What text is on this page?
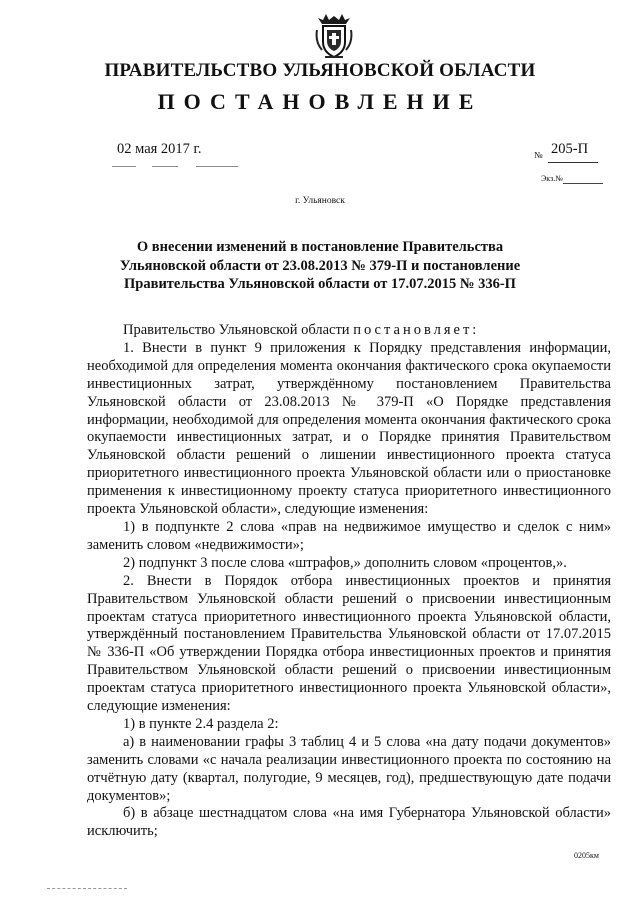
ПРАВИТЕЛЬСТВО УЛЬЯНОВСКОЙ ОБЛАСТИ
ПОСТАНОВЛЕНИЕ
02 мая 2017 г.	№ 205-П
Экз.№
г. Ульяновск
О внесении изменений в постановление Правительства Ульяновской области от 23.08.2013 № 379-П и постановление Правительства Ульяновской области от 17.07.2015 № 336-П

Правительство Ульяновской области постановляет:

1. Внести в пункт 9 приложения к Порядку представления информации, необходимой для определения момента окончания фактического срока окупаемости инвестиционных затрат, утверждённому постановлением Правительства Ульяновской области от 23.08.2013 № 379-П «О Порядке представления информации, необходимой для определения момента окончания фактического срока окупаемости инвестиционных затрат, и о Порядке принятия Правительством Ульяновской области решений о лишении инвестиционного проекта статуса приоритетного инвестиционного проекта Ульяновской области или о приостановке применения к инвестиционному проекту статуса приоритетного инвестиционного проекта Ульяновской области», следующие изменения:

1) в подпункте 2 слова «прав на недвижимое имущество и сделок с ним» заменить словом «недвижимости»;

2) подпункт 3 после слова «штрафов,» дополнить словом «процентов,».

2. Внести в Порядок отбора инвестиционных проектов и принятия Правительством Ульяновской области решений о присвоении инвестиционным проектам статуса приоритетного инвестиционного проекта Ульяновской области, утверждённый постановлением Правительства Ульяновской области от 17.07.2015 № 336-П «Об утверждении Порядка отбора инвестиционных проектов и принятия Правительством Ульяновской области решений о присвоении инвестиционным проектам статуса приоритетного инвестиционного проекта Ульяновской области», следующие изменения:

1) в пункте 2.4 раздела 2:

а) в наименовании графы 3 таблиц 4 и 5 слова «на дату подачи документов» заменить словами «с начала реализации инвестиционного проекта по состоянию на отчётную дату (квартал, полугодие, 9 месяцев, год), предшествующую дате подачи документов»;

б) в абзаце шестнадцатом слова «на имя Губернатора Ульяновской области» исключить;

0205км
